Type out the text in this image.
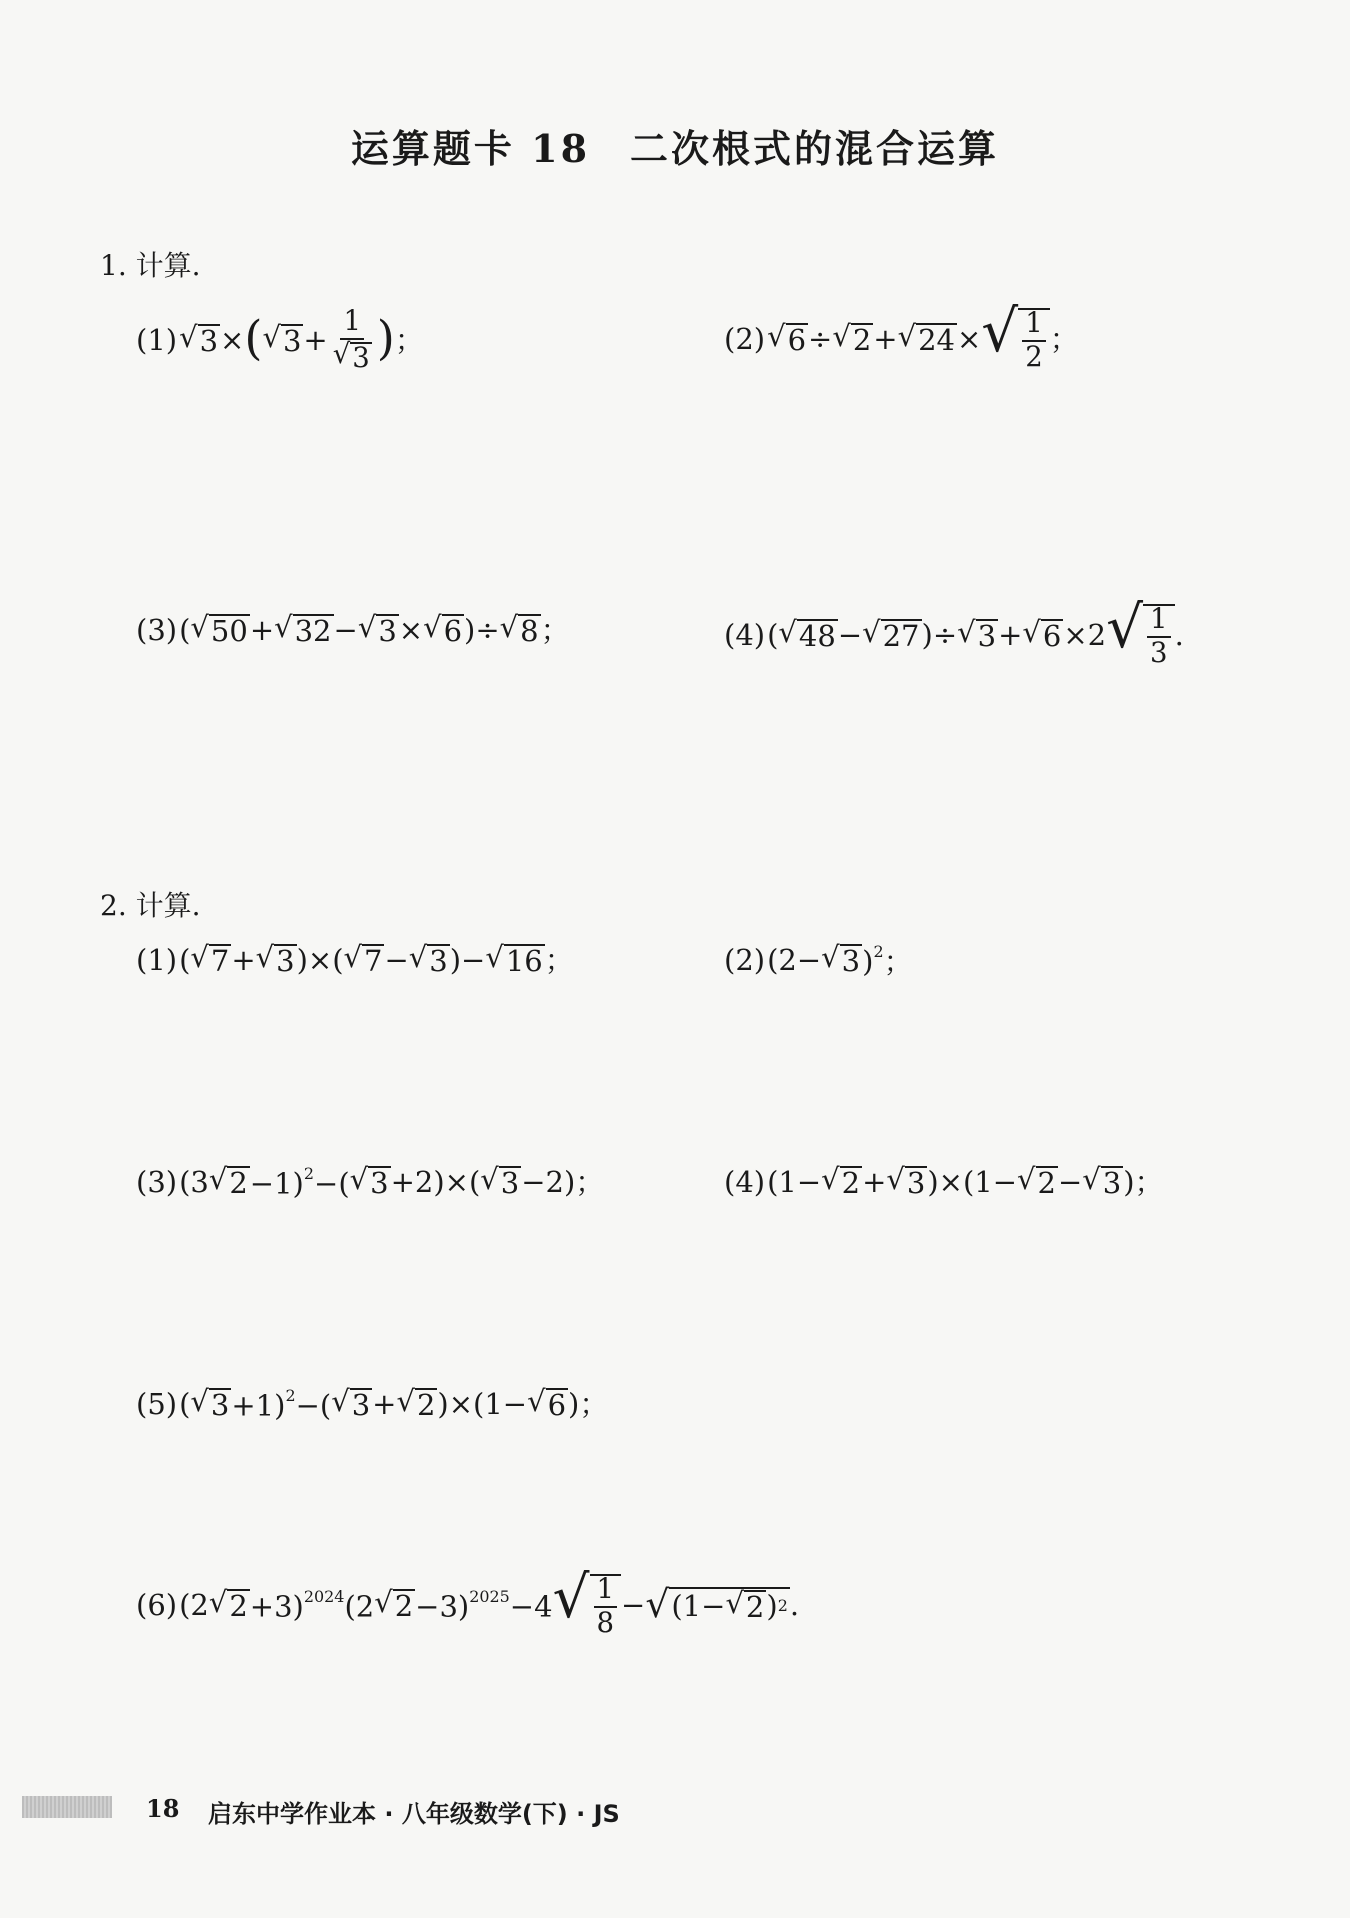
运算题卡 18 二次根式的混合运算
1. 计算.
(1) √ 3 × ( √ $3 + \frac{1}{√ 3}$ ) ；	(2) √ 6 ÷ √ 2 + √ 24 × √ $\frac{1}{2}$ ；
(3) ( √ 50 + √ 32 − √ 3 × √ 6 )÷ √ 8 ；	(4) ( √ 48 − √ 27 )÷ √ 3 + √ 6 ×2 √ $\frac{1}{3}$ .
2. 计算.
(1) ( √ 7 + √ 3 )×( √ 7 − √ 3 )− √ 16 ；	(2) (2− √ 3 )$^2$；
(3) (3 √ 2 −1)$^2$−( √ 3 +2)×( √ 3 −2)；	(4) (1− √ 2 + √ 3 )×(1− √ 2 − √ 3 )；
(5) ( √ 3 +1)$^2$−( √ 3 + √ 2 )×(1− √ 6 )；
(6) (2 √ 2 +3)$^{2024}$(2 √ 2 −3)$^{2025}$−4 √ $\frac{1}{8}$ − √ (1− √ 2 ) 2 .
18 启东中学作业本 · 八年级数学(下) · JS
